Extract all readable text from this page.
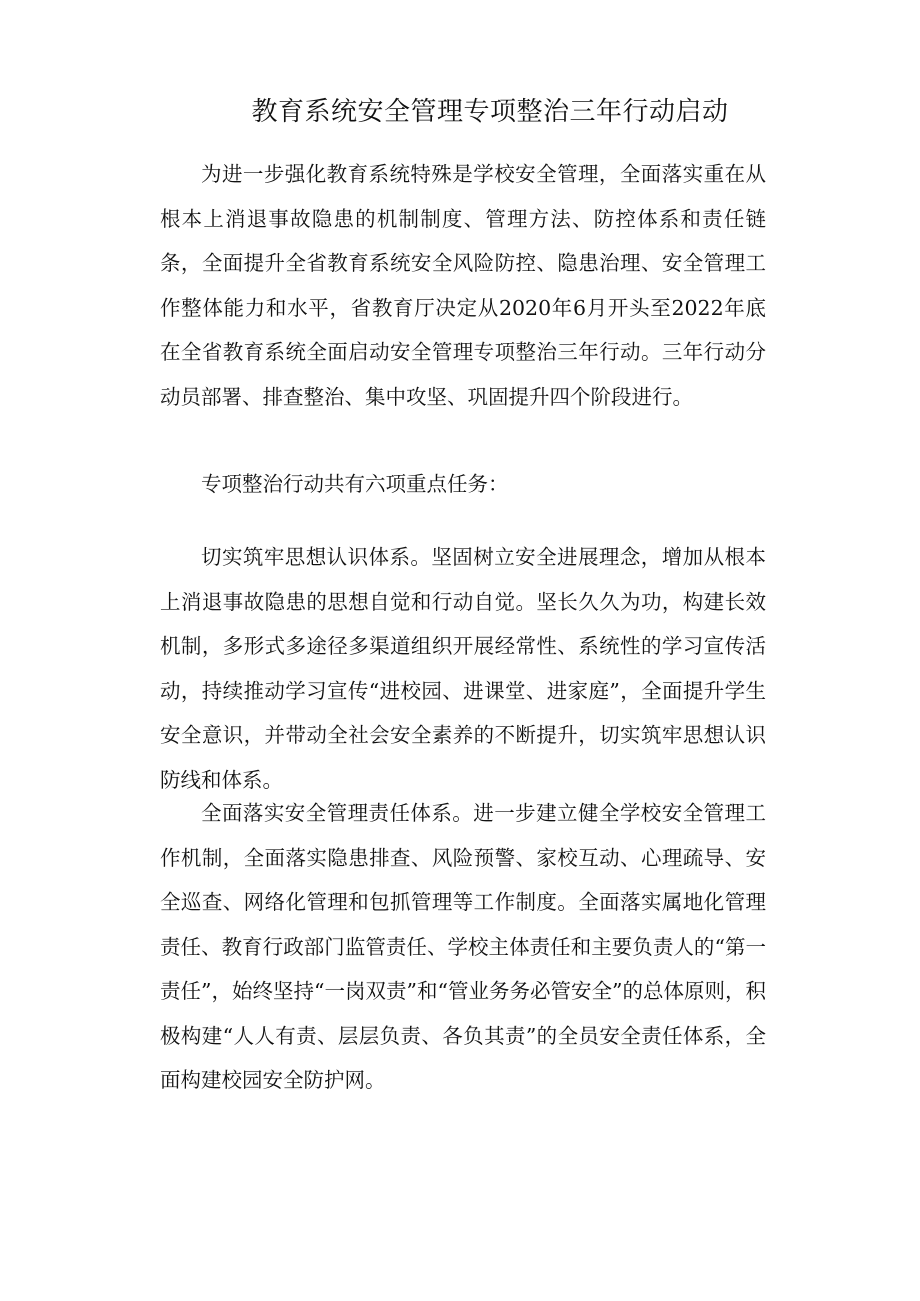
教育系统安全管理专项整治三年行动启动

为进一步强化教育系统特殊是学校安全管理，全面落实重在从根本上消退事故隐患的机制制度、管理方法、防控体系和责任链条，全面提升全省教育系统安全风险防控、隐患治理、安全管理工作整体能力和水平，省教育厅决定从2020年6月开头至2022年底在全省教育系统全面启动安全管理专项整治三年行动。三年行动分动员部署、排查整治、集中攻坚、巩固提升四个阶段进行。

专项整治行动共有六项重点任务：

切实筑牢思想认识体系。坚固树立安全进展理念，增加从根本上消退事故隐患的思想自觉和行动自觉。坚长久久为功，构建长效机制，多形式多途径多渠道组织开展经常性、系统性的学习宣传活动，持续推动学习宣传“进校园、进课堂、进家庭”，全面提升学生安全意识，并带动全社会安全素养的不断提升，切实筑牢思想认识防线和体系。

全面落实安全管理责任体系。进一步建立健全学校安全管理工作机制，全面落实隐患排查、风险预警、家校互动、心理疏导、安全巡查、网络化管理和包抓管理等工作制度。全面落实属地化管理责任、教育行政部门监管责任、学校主体责任和主要负责人的“第一责任”，始终坚持“一岗双责”和“管业务务必管安全”的总体原则，积极构建“人人有责、层层负责、各负其责”的全员安全责任体系，全面构建校园安全防护网。
